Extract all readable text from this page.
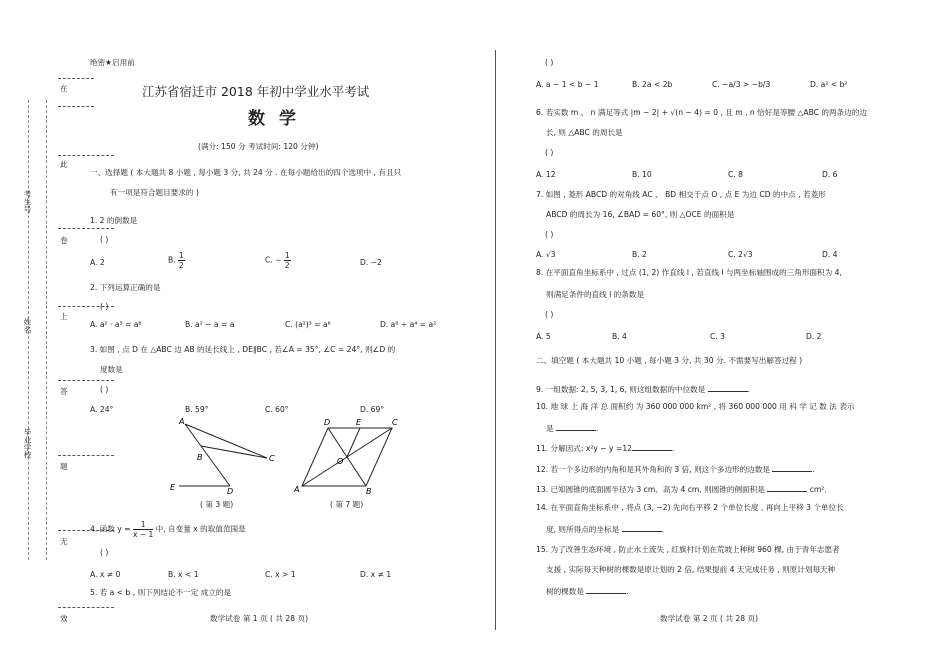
考生号
姓名
毕业学校
在
此
卷
上
答
题
无
效
绝密★启用前
江苏省宿迁市 2018 年初中学业水平考试
数学
(满分: 150 分 考试时间: 120 分钟)
一、选择题 ( 本大题共 8 小题 , 每小题 3 分, 共 24 分 . 在每小题给出的四个选项中 , 有且只
有一项是符合题目要求的 )
1. 2 的倒数是
( )
A. 2	B. $\frac{1}{2}$	C. − $\frac{1}{2}$	D. −2
2. 下列运算正确的是
( )
A. a² · a³ = a⁶	B. a² − a = a	C. (a²)³ = a⁶	D. a⁸ ÷ a⁴ = a²
3. 如图 , 点 D 在 △ABC 边 AB 的延长线上 , DE∥BC , 若∠A = 35°, ∠C = 24°, 则∠D 的
度数是
( )
A. 24°	B. 59°	C. 60°	D. 69°
A
B	C
E	D
( 第 3 题)
D	E	C
O
A	B
( 第 7 题)
4. 函数 $y = \frac{1}{x - 1}$ 中, 自变量 x 的取值范围是
( )
A. x ≠ 0	B. x < 1	C. x > 1	D. x ≠ 1
5. 若 a < b , 则下列结论不一定 成立的是
数学试卷 第 1 页 ( 共 28 页)
( )
A. a − 1 < b − 1	B. 2a < 2b	C. −a/3 > −b/3	D. a² < b²
6. 若实数 m 、 n 满足等式 |m − 2| + √(n − 4) = 0 , 且 m , n 恰好是等腰 △ABC 的两条边的边
长, 则 △ABC 的周长是
( )
A. 12	B. 10	C. 8	D. 6
7. 如图 , 菱形 ABCD 的对角线 AC 、 BD 相交于点 O , 点 E 为边 CD 的中点 , 若菱形
ABCD 的周长为 16, ∠BAD = 60°, 则 △OCE 的面积是
( )
A. √3	B. 2	C. 2√3	D. 4
8. 在平面直角坐标系中 , 过点 (1, 2) 作直线 l , 若直线 l 与两坐标轴围成的三角形面积为 4,
则满足条件的直线 l 的条数是
( )
A. 5	B. 4	C. 3	D. 2
二、填空题 ( 本大题共 10 小题 , 每小题 3 分, 共 30 分. 不需要写出解答过程 )
9. 一组数据: 2, 5, 3, 1, 6, 则这组数据的中位数是	.
10. 地 球 上 海 洋 总 面积约 为 360 000 000 km² , 将 360 000 000 用 科 学 记 数 法 表示
是	.
11. 分解因式: x²y − y =12	.
12. 若一个多边形的内角和是其外角和的 3 倍, 则这个多边形的边数是	.
13. 已知圆锥的底面圆半径为 3 cm、高为 4 cm, 则圆锥的侧面积是	cm².
14. 在平面直角坐标系中 , 将点 (3, −2) 先向右平移 2 个单位长度 , 再向上平移 3 个单位长
度, 则所得点的坐标是	.
15. 为了改善生态环境 , 防止水土流失 , 红旗村计划在荒坡上种树 960 棵, 由于青年志愿者
支援 , 实际每天种树的棵数是原计划的 2 倍, 结果提前 4 天完成任务 , 则原计划每天种
树的棵数是	.
数学试卷 第 2 页 ( 共 28 页)
